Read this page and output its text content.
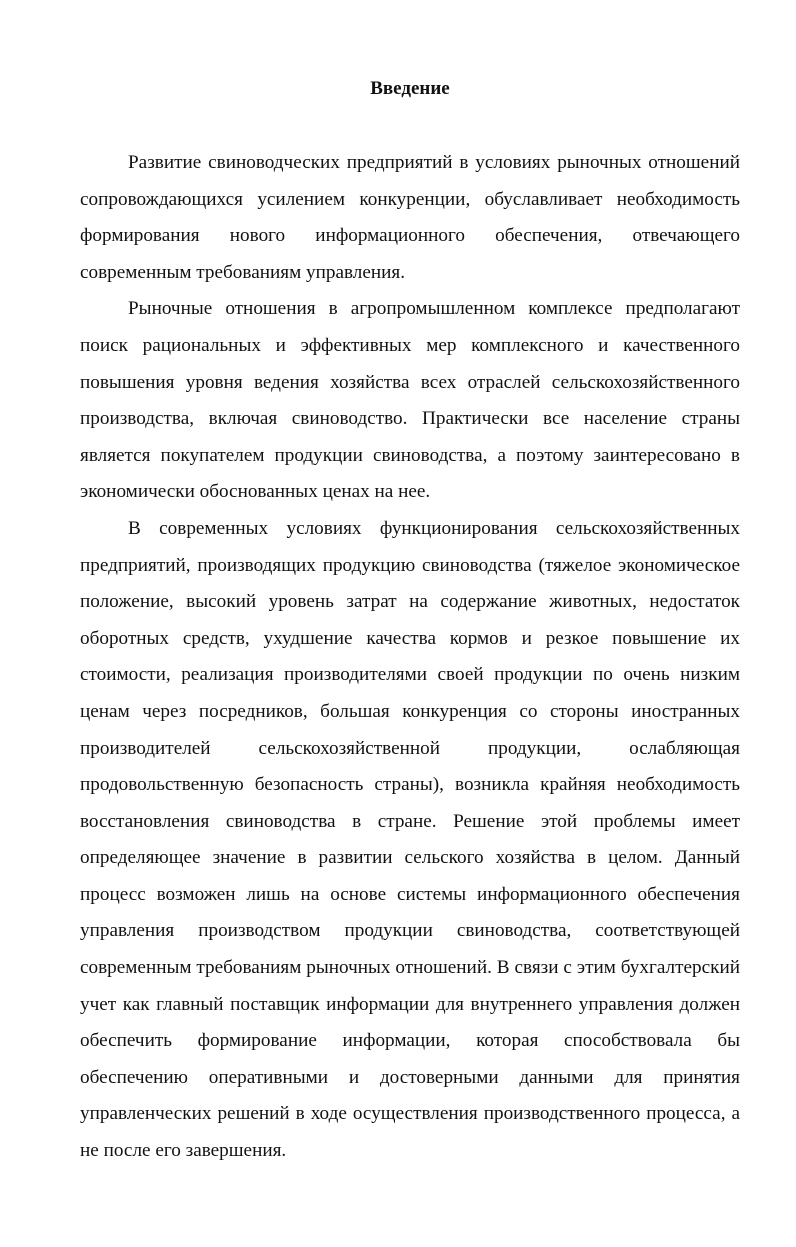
Введение

Развитие свиноводческих предприятий в условиях рыночных отношений сопровождающихся усилением конкуренции, обуславливает необходимость формирования нового информационного обеспечения, отвечающего современным требованиям управления.

Рыночные отношения в агропромышленном комплексе предполагают поиск рациональных и эффективных мер комплексного и качественного повышения уровня ведения хозяйства всех отраслей сельскохозяйственного производства, включая свиноводство. Практически все население страны является покупателем продукции свиноводства, а поэтому заинтересовано в экономически обоснованных ценах на нее.

В современных условиях функционирования сельскохозяйственных предприятий, производящих продукцию свиноводства (тяжелое экономическое положение, высокий уровень затрат на содержание животных, недостаток оборотных средств, ухудшение качества кормов и резкое повышение их стоимости, реализация производителями своей продукции по очень низким ценам через посредников, большая конкуренция со стороны иностранных производителей сельскохозяйственной продукции, ослабляющая продовольственную безопасность страны), возникла крайняя необходимость восстановления свиноводства в стране. Решение этой проблемы имеет определяющее значение в развитии сельского хозяйства в целом. Данный процесс возможен лишь на основе системы информационного обеспечения управления производством продукции свиноводства, соответствующей современным требованиям рыночных отношений. В связи с этим бухгалтерский учет как главный поставщик информации для внутреннего управления должен обеспечить формирование информации, которая способствовала бы обеспечению оперативными и достоверными данными для принятия управленческих решений в ходе осуществления производственного процесса, а не после его завершения.
